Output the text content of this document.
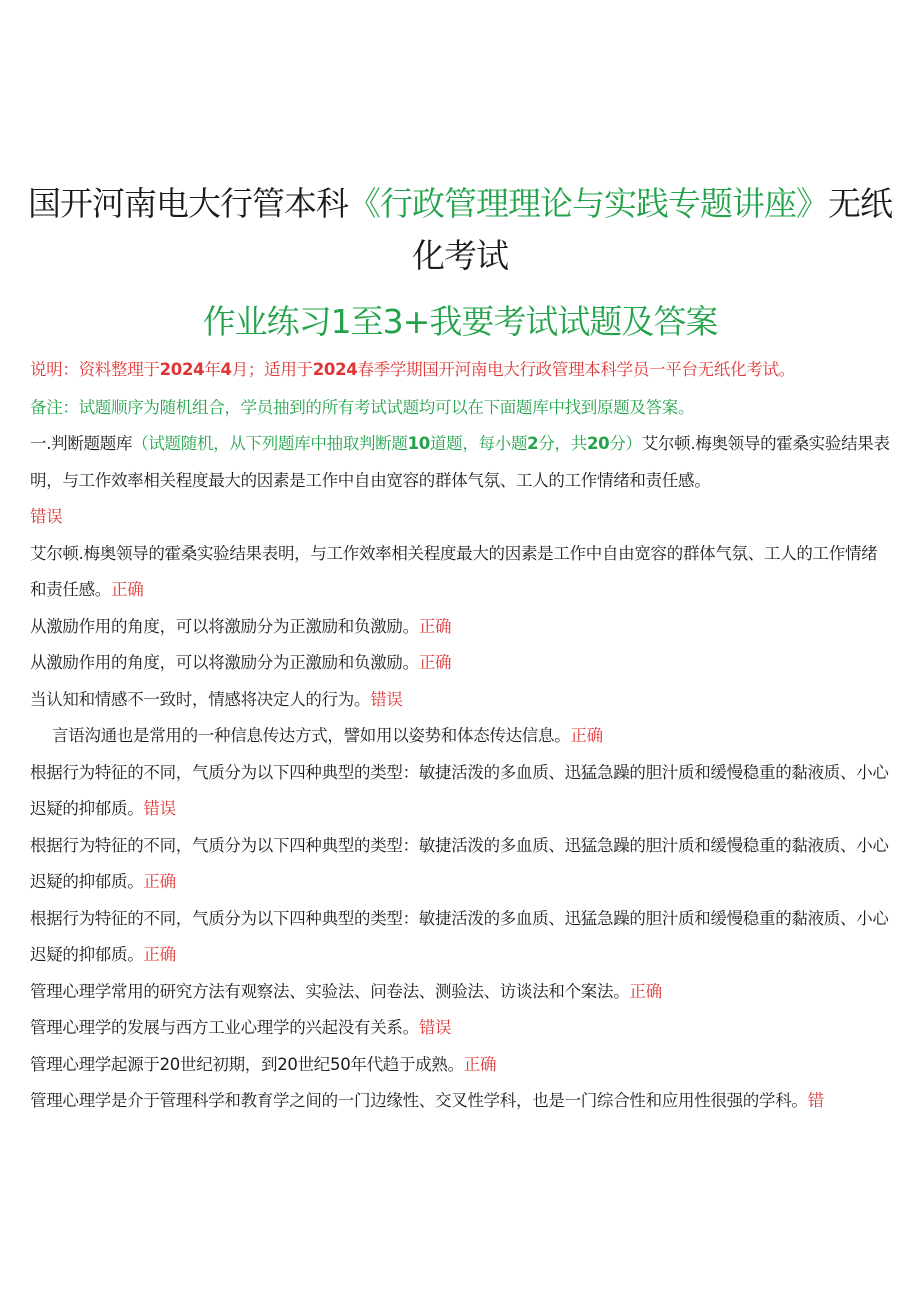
国开河南电大行管本科《行政管理理论与实践专题讲座》无纸化考试
作业练习1至3+我要考试试题及答案
说明：资料整理于2024年4月；适用于2024春季学期国开河南电大行政管理本科学员一平台无纸化考试。
备注：试题顺序为随机组合，学员抽到的所有考试试题均可以在下面题库中找到原题及答案。

一.判断题题库（试题随机，从下列题库中抽取判断题10道题，每小题2分，共20分）艾尔顿.梅奥领导的霍桑实验结果表明，与工作效率相关程度最大的因素是工作中自由宽容的群体气氛、工人的工作情绪和责任感。
错误

艾尔顿.梅奥领导的霍桑实验结果表明，与工作效率相关程度最大的因素是工作中自由宽容的群体气氛、工人的工作情绪和责任感。正确

从激励作用的角度，可以将激励分为正激励和负激励。正确

从激励作用的角度，可以将激励分为正激励和负激励。正确

当认知和情感不一致时，情感将决定人的行为。错误

言语沟通也是常用的一种信息传达方式，譬如用以姿势和体态传达信息。正确

根据行为特征的不同，气质分为以下四种典型的类型：敏捷活泼的多血质、迅猛急躁的胆汁质和缓慢稳重的黏液质、小心迟疑的抑郁质。错误

根据行为特征的不同，气质分为以下四种典型的类型：敏捷活泼的多血质、迅猛急躁的胆汁质和缓慢稳重的黏液质、小心迟疑的抑郁质。正确

根据行为特征的不同，气质分为以下四种典型的类型：敏捷活泼的多血质、迅猛急躁的胆汁质和缓慢稳重的黏液质、小心迟疑的抑郁质。正确

管理心理学常用的研究方法有观察法、实验法、问卷法、测验法、访谈法和个案法。正确

管理心理学的发展与西方工业心理学的兴起没有关系。错误

管理心理学起源于20世纪初期，到20世纪50年代趋于成熟。正确

管理心理学是介于管理科学和教育学之间的一门边缘性、交叉性学科，也是一门综合性和应用性很强的学科。错
